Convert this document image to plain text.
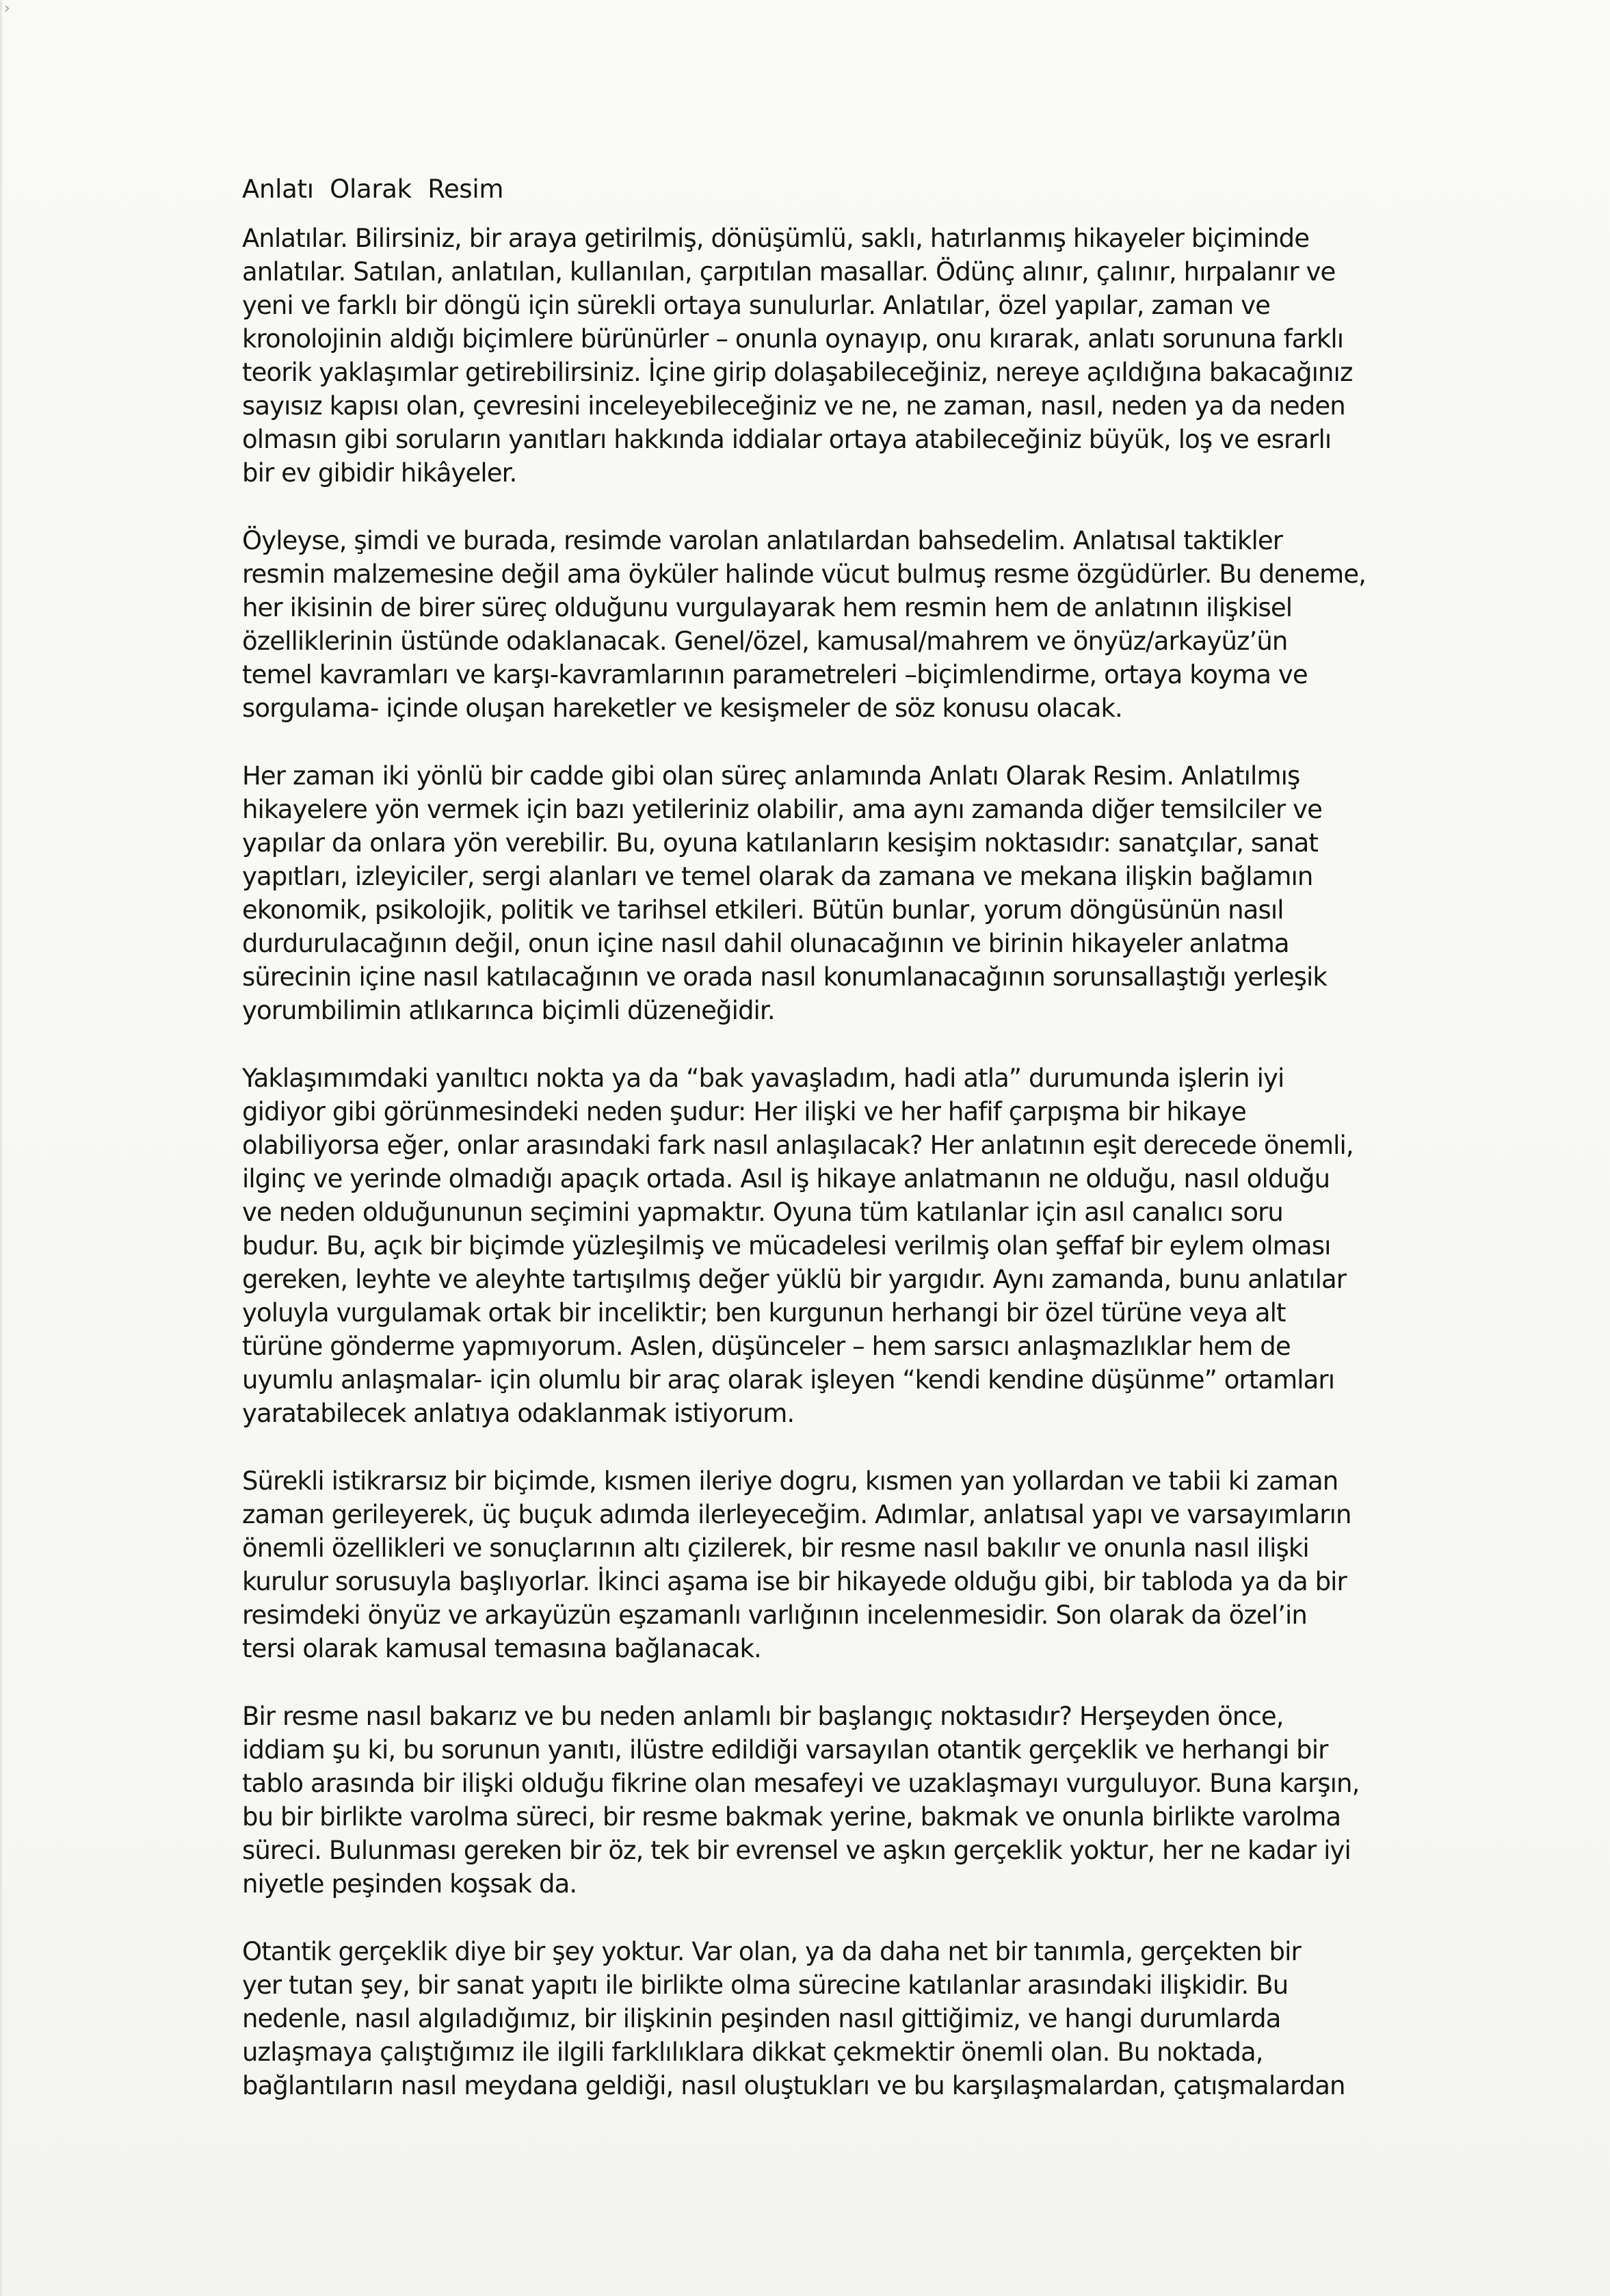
›
Anlatı Olarak Resim
Anlatılar. Bilirsiniz, bir araya getirilmiş, dönüşümlü, saklı, hatırlanmış hikayeler biçiminde
anlatılar. Satılan, anlatılan, kullanılan, çarpıtılan masallar. Ödünç alınır, çalınır, hırpalanır ve
yeni ve farklı bir döngü için sürekli ortaya sunulurlar. Anlatılar, özel yapılar, zaman ve
kronolojinin aldığı biçimlere bürünürler – onunla oynayıp, onu kırarak, anlatı sorununa farklı
teorik yaklaşımlar getirebilirsiniz. İçine girip dolaşabileceğiniz, nereye açıldığına bakacağınız
sayısız kapısı olan, çevresini inceleyebileceğiniz ve ne, ne zaman, nasıl, neden ya da neden
olmasın gibi soruların yanıtları hakkında iddialar ortaya atabileceğiniz büyük, loş ve esrarlı
bir ev gibidir hikâyeler.
Öyleyse, şimdi ve burada, resimde varolan anlatılardan bahsedelim. Anlatısal taktikler
resmin malzemesine değil ama öyküler halinde vücut bulmuş resme özgüdürler. Bu deneme,
her ikisinin de birer süreç olduğunu vurgulayarak hem resmin hem de anlatının ilişkisel
özelliklerinin üstünde odaklanacak. Genel/özel, kamusal/mahrem ve önyüz/arkayüz’ün
temel kavramları ve karşı-kavramlarının parametreleri –biçimlendirme, ortaya koyma ve
sorgulama- içinde oluşan hareketler ve kesişmeler de söz konusu olacak.
Her zaman iki yönlü bir cadde gibi olan süreç anlamında Anlatı Olarak Resim. Anlatılmış
hikayelere yön vermek için bazı yetileriniz olabilir, ama aynı zamanda diğer temsilciler ve
yapılar da onlara yön verebilir. Bu, oyuna katılanların kesişim noktasıdır: sanatçılar, sanat
yapıtları, izleyiciler, sergi alanları ve temel olarak da zamana ve mekana ilişkin bağlamın
ekonomik, psikolojik, politik ve tarihsel etkileri. Bütün bunlar, yorum döngüsünün nasıl
durdurulacağının değil, onun içine nasıl dahil olunacağının ve birinin hikayeler anlatma
sürecinin içine nasıl katılacağının ve orada nasıl konumlanacağının sorunsallaştığı yerleşik
yorumbilimin atlıkarınca biçimli düzeneğidir.
Yaklaşımımdaki yanıltıcı nokta ya da “bak yavaşladım, hadi atla” durumunda işlerin iyi
gidiyor gibi görünmesindeki neden şudur: Her ilişki ve her hafif çarpışma bir hikaye
olabiliyorsa eğer, onlar arasındaki fark nasıl anlaşılacak? Her anlatının eşit derecede önemli,
ilginç ve yerinde olmadığı apaçık ortada. Asıl iş hikaye anlatmanın ne olduğu, nasıl olduğu
ve neden olduğununun seçimini yapmaktır. Oyuna tüm katılanlar için asıl canalıcı soru
budur. Bu, açık bir biçimde yüzleşilmiş ve mücadelesi verilmiş olan şeffaf bir eylem olması
gereken, leyhte ve aleyhte tartışılmış değer yüklü bir yargıdır. Aynı zamanda, bunu anlatılar
yoluyla vurgulamak ortak bir inceliktir; ben kurgunun herhangi bir özel türüne veya alt
türüne gönderme yapmıyorum. Aslen, düşünceler – hem sarsıcı anlaşmazlıklar hem de
uyumlu anlaşmalar- için olumlu bir araç olarak işleyen “kendi kendine düşünme” ortamları
yaratabilecek anlatıya odaklanmak istiyorum.
Sürekli istikrarsız bir biçimde, kısmen ileriye dogru, kısmen yan yollardan ve tabii ki zaman
zaman gerileyerek, üç buçuk adımda ilerleyeceğim. Adımlar, anlatısal yapı ve varsayımların
önemli özellikleri ve sonuçlarının altı çizilerek, bir resme nasıl bakılır ve onunla nasıl ilişki
kurulur sorusuyla başlıyorlar. İkinci aşama ise bir hikayede olduğu gibi, bir tabloda ya da bir
resimdeki önyüz ve arkayüzün eşzamanlı varlığının incelenmesidir. Son olarak da özel’in
tersi olarak kamusal temasına bağlanacak.
Bir resme nasıl bakarız ve bu neden anlamlı bir başlangıç noktasıdır? Herşeyden önce,
iddiam şu ki, bu sorunun yanıtı, ilüstre edildiği varsayılan otantik gerçeklik ve herhangi bir
tablo arasında bir ilişki olduğu fikrine olan mesafeyi ve uzaklaşmayı vurguluyor. Buna karşın,
bu bir birlikte varolma süreci, bir resme bakmak yerine, bakmak ve onunla birlikte varolma
süreci. Bulunması gereken bir öz, tek bir evrensel ve aşkın gerçeklik yoktur, her ne kadar iyi
niyetle peşinden koşsak da.
Otantik gerçeklik diye bir şey yoktur. Var olan, ya da daha net bir tanımla, gerçekten bir
yer tutan şey, bir sanat yapıtı ile birlikte olma sürecine katılanlar arasındaki ilişkidir. Bu
nedenle, nasıl algıladığımız, bir ilişkinin peşinden nasıl gittiğimiz, ve hangi durumlarda
uzlaşmaya çalıştığımız ile ilgili farklılıklara dikkat çekmektir önemli olan. Bu noktada,
bağlantıların nasıl meydana geldiği, nasıl oluştukları ve bu karşılaşmalardan, çatışmalardan
